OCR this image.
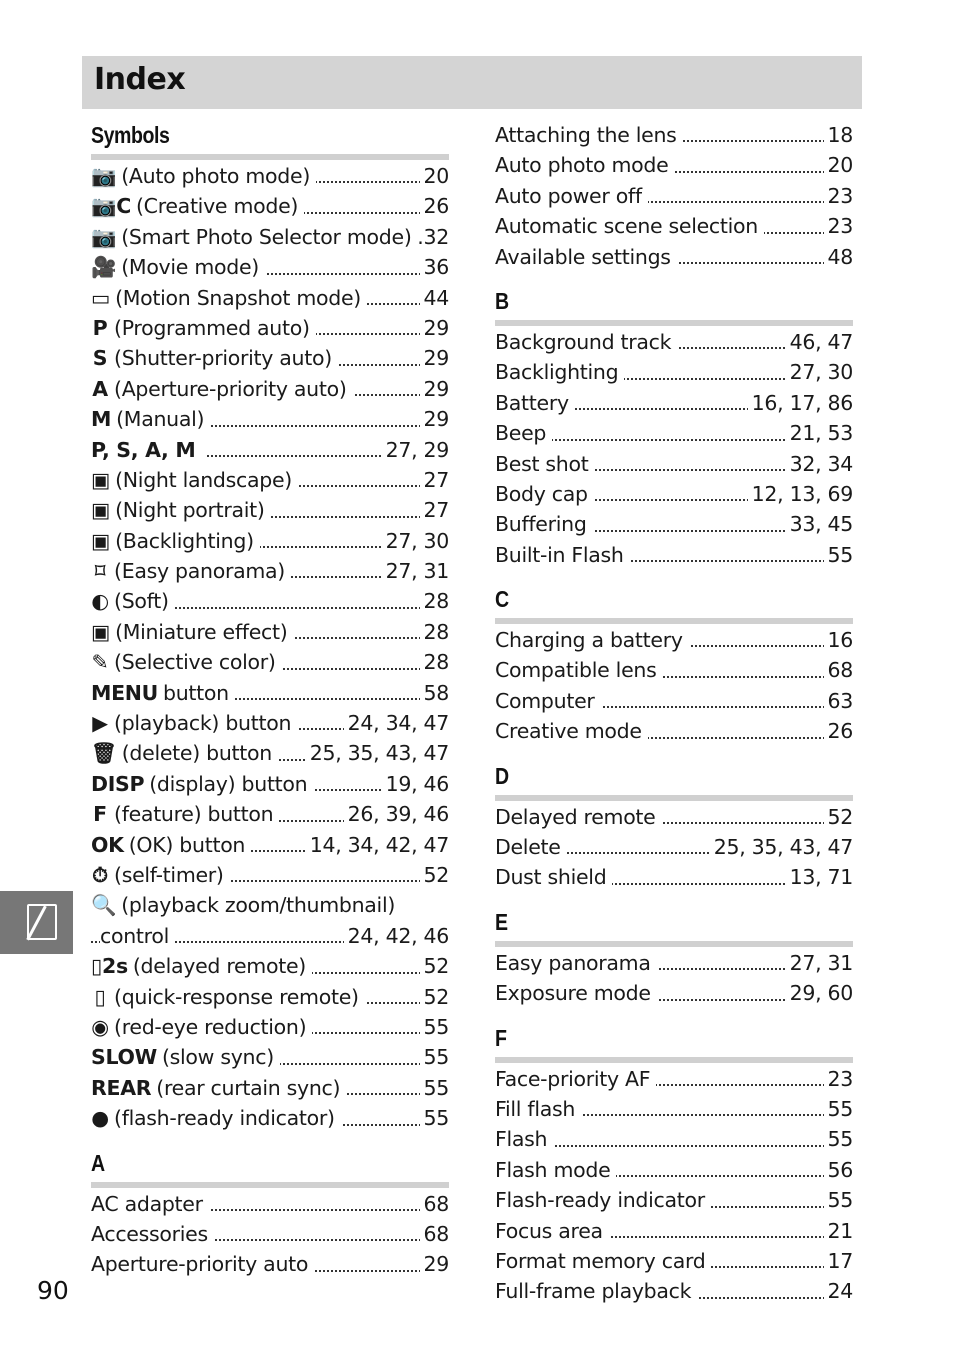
Index
Symbols
📷 (Auto photo mode)	20
📷C (Creative mode)	26
📷 (Smart Photo Selector mode) .32
🎥 (Movie mode)	36
▭ (Motion Snapshot mode)	44
P (Programmed auto)	29
S (Shutter-priority auto)	29
A (Aperture-priority auto)	29
M (Manual)	29
P, S, A, M	27, 29
▣ (Night landscape)	27
▣ (Night portrait)	27
▣ (Backlighting)	27, 30
⌑ (Easy panorama)	27, 31
◐ (Soft)	28
▣ (Miniature effect)	28
✎ (Selective color)	28
MENU button	58
▶ (playback) button	24, 34, 47
🗑 (delete) button 25, 35, 43, 47
DISP (display) button	19, 46
F (feature) button	26, 39, 46
OK (OK) button	14, 34, 42, 47
⏱ (self-timer)	52
🔍 (playback zoom/thumbnail)
control	24, 42, 46
▯2s (delayed remote)	52
▯ (quick-response remote)	52
◉ (red-eye reduction)	55
SLOW (slow sync)	55
REAR (rear curtain sync)	55
● (flash-ready indicator)	55
A
AC adapter	68
Accessories	68
Aperture-priority auto	29
Attaching the lens	18
Auto photo mode	20
Auto power off	23
Automatic scene selection	23
Available settings	48
B
Background track	46, 47
Backlighting	27, 30
Battery	16, 17, 86
Beep	21, 53
Best shot	32, 34
Body cap	12, 13, 69
Buffering	33, 45
Built-in Flash	55
C
Charging a battery	16
Compatible lens	68
Computer	63
Creative mode	26
D
Delayed remote	52
Delete	25, 35, 43, 47
Dust shield	13, 71
E
Easy panorama	27, 31
Exposure mode	29, 60
F
Face-priority AF	23
Fill flash	55
Flash	55
Flash mode	56
Flash-ready indicator	55
Focus area	21
Format memory card	17
Full-frame playback	24
90
